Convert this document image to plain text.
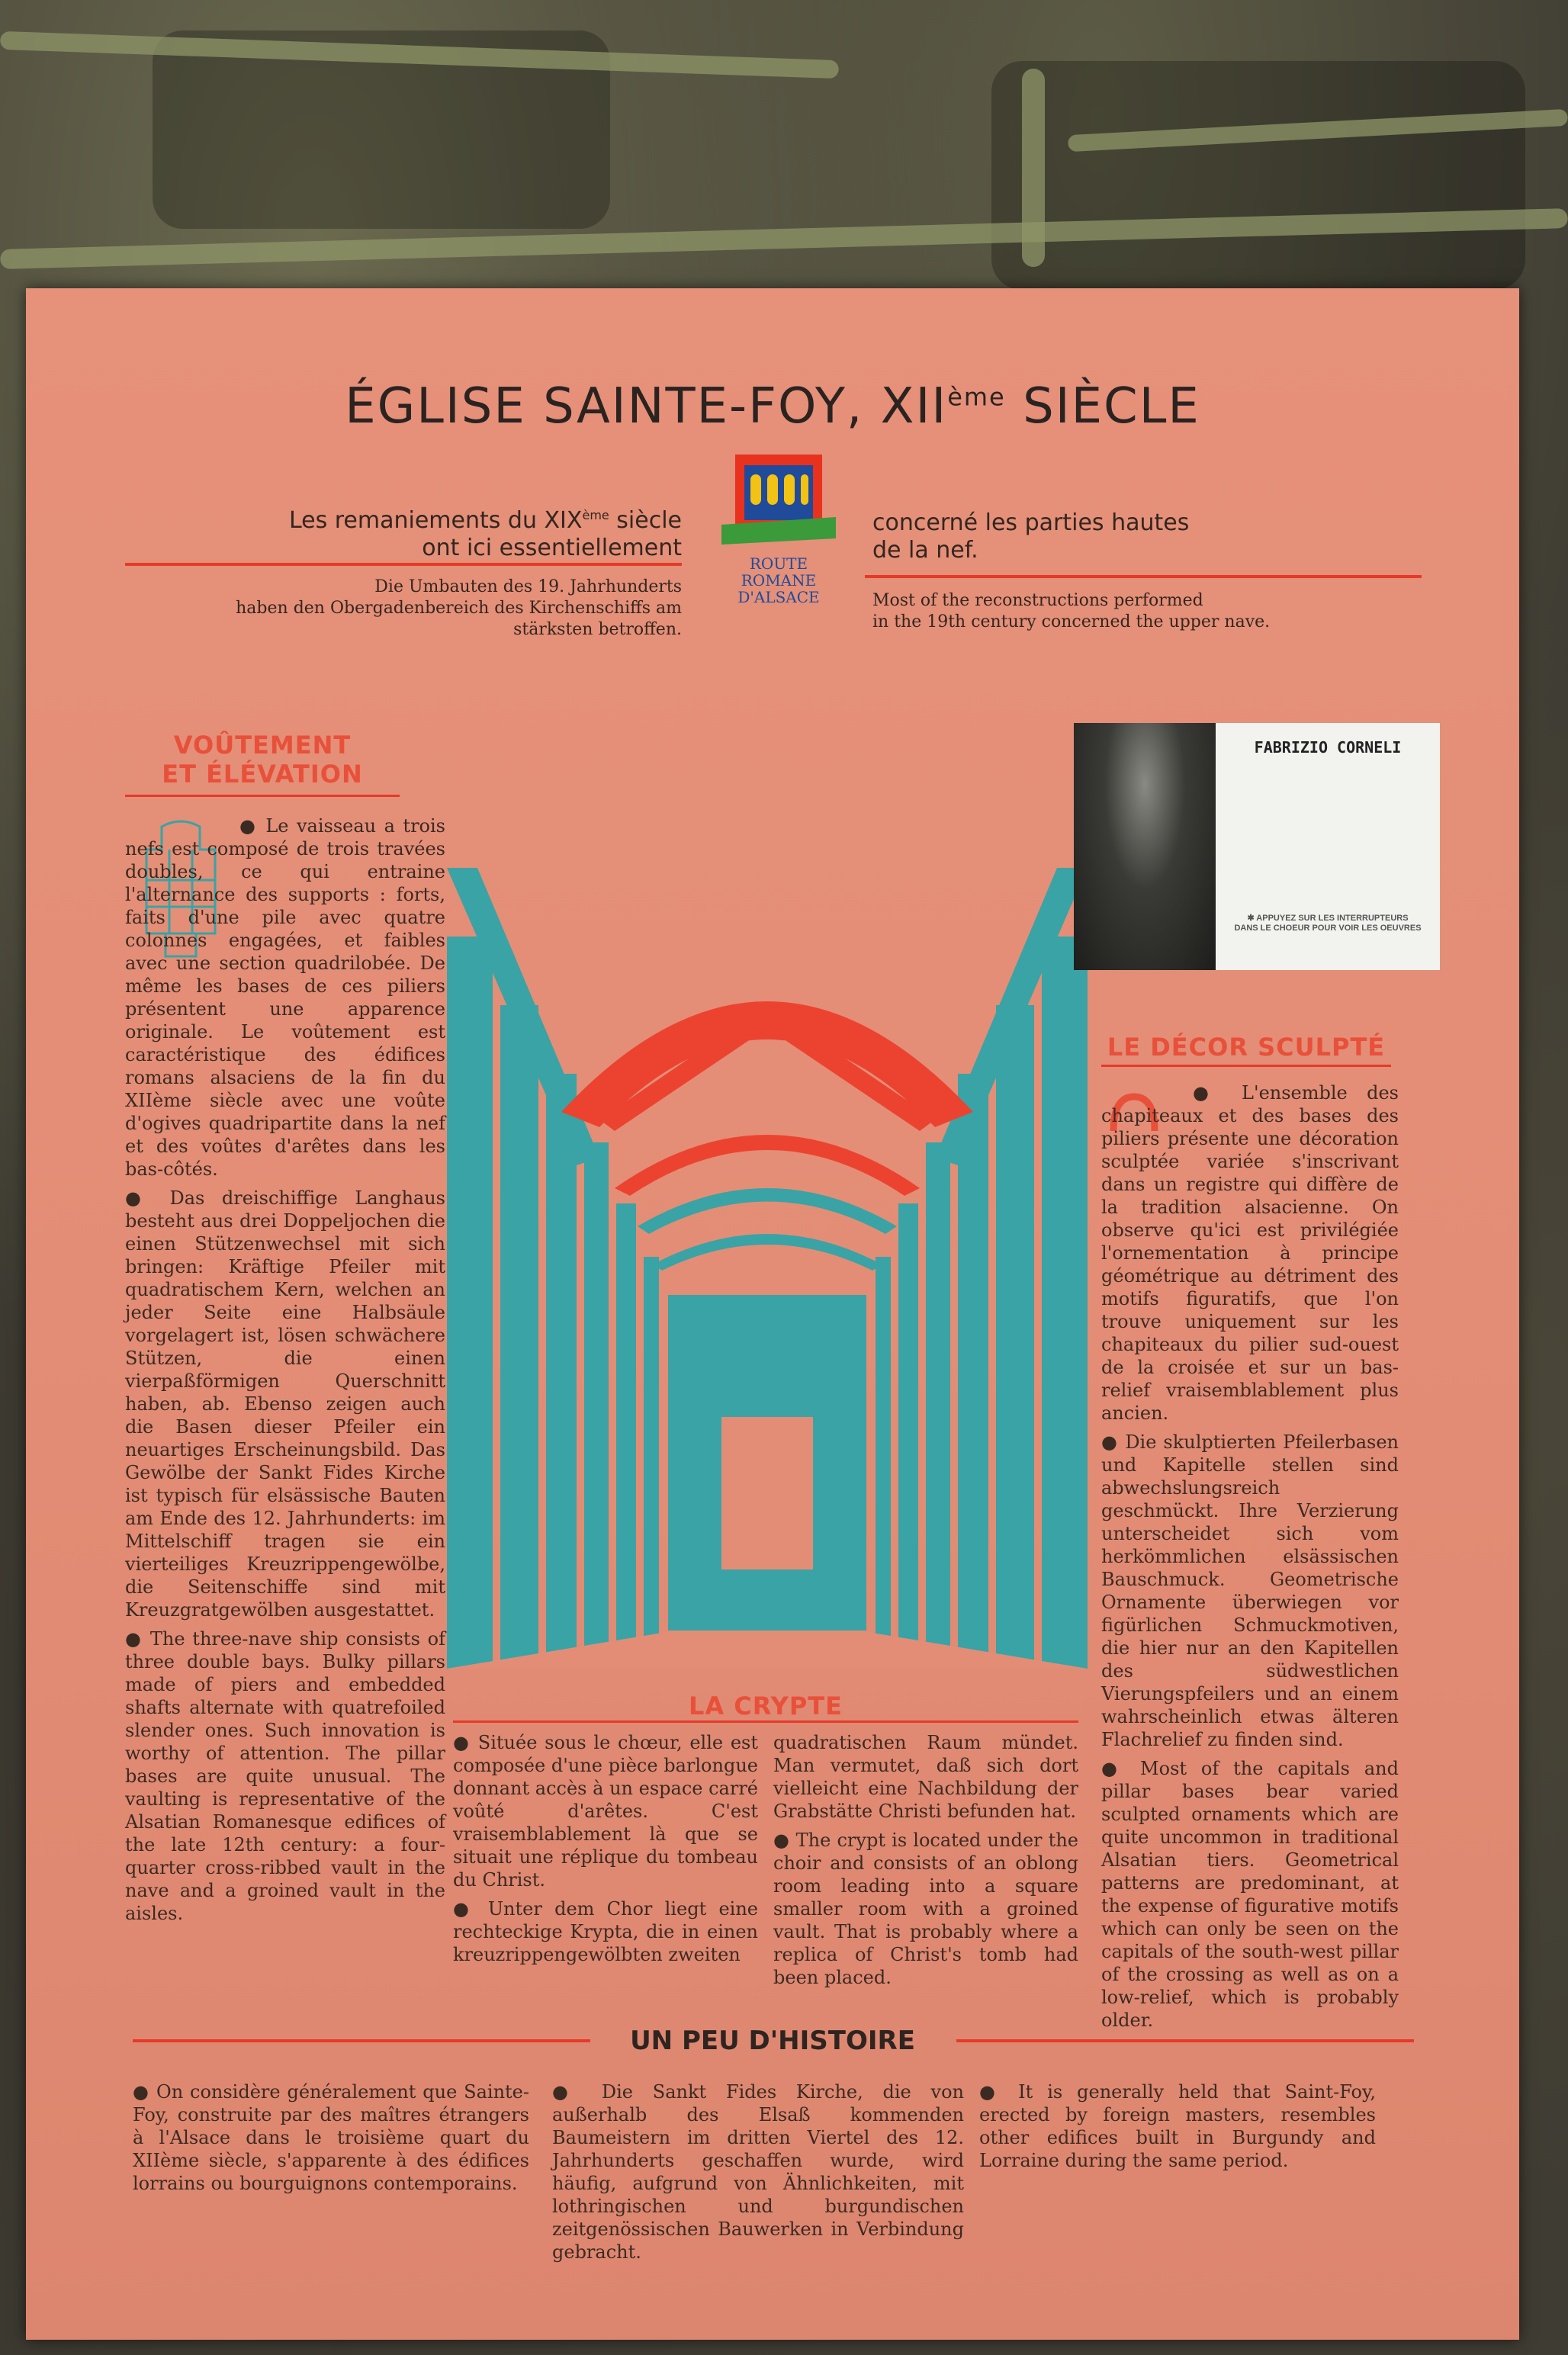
ÉGLISE SAINTE-FOY, XIIème SIÈCLE
Les remaniements du XIXème siècle
ont ici essentiellement
Die Umbauten des 19. Jahrhunderts
haben den Obergadenbereich des Kirchenschiffs am
stärksten betroffen.
ROUTE
ROMANE
D'ALSACE
concerné les parties hautes
de la nef.
Most of the reconstructions performed
in the 19th century concerned the upper nave.
VOÛTEMENT
ET ÉLÉVATION

● Le vaisseau a trois nefs est composé de trois travées doubles, ce qui entraine l'alternance des supports : forts, faits d'une pile avec quatre colonnes engagées, et faibles avec une section quadrilobée. De même les bases de ces piliers présentent une apparence originale. Le voûtement est caractéristique des édifices romans alsaciens de la fin du XIIème siècle avec une voûte d'ogives quadripartite dans la nef et des voûtes d'arêtes dans les bas-côtés.

● Das dreischiffige Langhaus besteht aus drei Doppeljochen die einen Stützenwechsel mit sich bringen: Kräftige Pfeiler mit quadratischem Kern, welchen an jeder Seite eine Halbsäule vorgelagert ist, lösen schwächere Stützen, die einen vierpaßförmigen Querschnitt haben, ab. Ebenso zeigen auch die Basen dieser Pfeiler ein neuartiges Erscheinungsbild. Das Gewölbe der Sankt Fides Kirche ist typisch für elsässische Bauten am Ende des 12. Jahrhunderts: im Mittelschiff tragen sie ein vierteiliges Kreuzrippengewölbe, die Seitenschiffe sind mit Kreuzgratgewölben ausgestattet.

● The three-nave ship consists of three double bays. Bulky pillars made of piers and embedded shafts alternate with quatrefoiled slender ones. Such innovation is worthy of attention. The pillar bases are quite unusual. The vaulting is representative of the Alsatian Romanesque edifices of the late 12th century: a four-quarter cross-ribbed vault in the nave and a groined vault in the aisles.

FABRIZIO CORNELI
✱ APPUYEZ SUR LES INTERRUPTEURS
DANS LE CHOEUR POUR VOIR LES OEUVRES
LE DÉCOR SCULPTÉ

● L'ensemble des chapiteaux et des bases des piliers présente une décoration sculptée variée s'inscrivant dans un registre qui diffère de la tradition alsacienne. On observe qu'ici est privilégiée l'ornementation à principe géométrique au détriment des motifs figuratifs, que l'on trouve uniquement sur les chapiteaux du pilier sud-ouest de la croisée et sur un bas-relief vraisemblablement plus ancien.

● Die skulptierten Pfeilerbasen und Kapitelle stellen sind abwechslungsreich geschmückt. Ihre Verzierung unterscheidet sich vom herkömmlichen elsässischen Bauschmuck. Geometrische Ornamente überwiegen vor figürlichen Schmuckmotiven, die hier nur an den Kapitellen des südwestlichen Vierungspfeilers und an einem wahrscheinlich etwas älteren Flachrelief zu finden sind.

● Most of the capitals and pillar bases bear varied sculpted ornaments which are quite uncommon in traditional Alsatian tiers. Geometrical patterns are predominant, at the expense of figurative motifs which can only be seen on the capitals of the south-west pillar of the crossing as well as on a low-relief, which is probably older.

LA CRYPTE

● Située sous le chœur, elle est composée d'une pièce barlongue donnant accès à un espace carré voûté d'arêtes. C'est vraisemblablement là que se situait une réplique du tombeau du Christ.

● Unter dem Chor liegt eine rechteckige Krypta, die in einen kreuzrippengewölbten zweiten

quadratischen Raum mündet. Man vermutet, daß sich dort vielleicht eine Nachbildung der Grabstätte Christi befunden hat.

● The crypt is located under the choir and consists of an oblong room leading into a square smaller room with a groined vault. That is probably where a replica of Christ's tomb had been placed.

UN PEU D'HISTOIRE

● On considère généralement que Sainte-Foy, construite par des maîtres étrangers à l'Alsace dans le troisième quart du XIIème siècle, s'apparente à des édifices lorrains ou bourguignons contemporains.

● Die Sankt Fides Kirche, die von außerhalb des Elsaß kommenden Baumeistern im dritten Viertel des 12. Jahrhunderts geschaffen wurde, wird häufig, aufgrund von Ähnlichkeiten, mit lothringischen und burgundischen zeitgenössischen Bauwerken in Verbindung gebracht.

● It is generally held that Saint-Foy, erected by foreign masters, resembles other edifices built in Burgundy and Lorraine during the same period.
